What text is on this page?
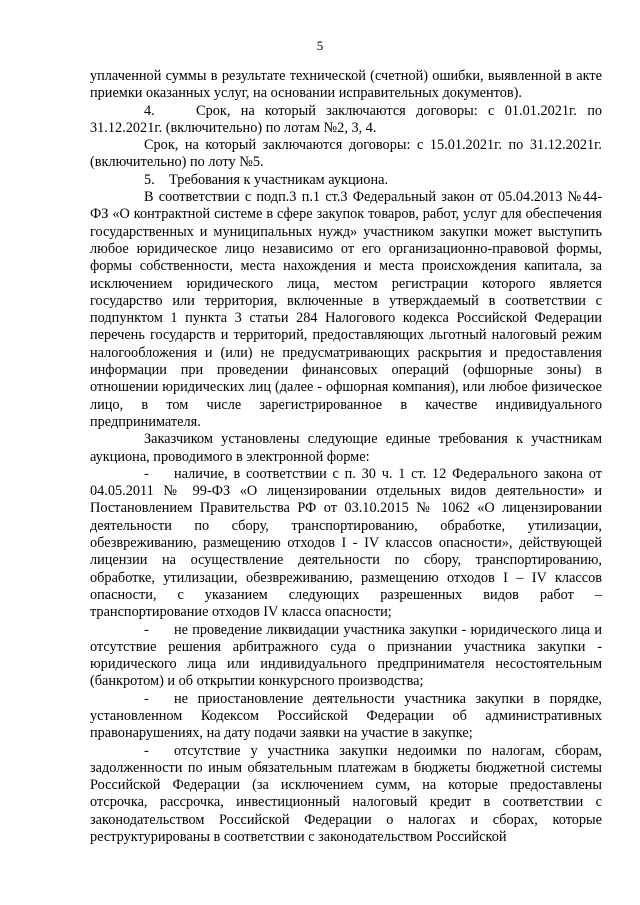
5

уплаченной суммы в результате технической (счетной) ошибки, выявленной в акте приемки оказанных услуг, на основании исправительных документов).

4.    Срок, на который заключаются договоры: с 01.01.2021г. по 31.12.2021г. (включительно) по лотам №2, 3, 4.

Срок, на который заключаются договоры: с 15.01.2021г. по 31.12.2021г. (включительно) по лоту №5.

5.    Требования к участникам аукциона.

В соответствии с подп.3 п.1 ст.3 Федеральный закон от 05.04.2013 №44-ФЗ «О контрактной системе в сфере закупок товаров, работ, услуг для обеспечения государственных и муниципальных нужд» участником закупки может выступить любое юридическое лицо независимо от его организационно-правовой формы, формы собственности, места нахождения и места происхождения капитала, за исключением юридического лица, местом регистрации которого является государство или территория, включенные в утверждаемый в соответствии с подпунктом 1 пункта 3 статьи 284 Налогового кодекса Российской Федерации перечень государств и территорий, предоставляющих льготный налоговый режим налогообложения и (или) не предусматривающих раскрытия и предоставления информации при проведении финансовых операций (офшорные зоны) в отношении юридических лиц (далее - офшорная компания), или любое физическое лицо, в том числе зарегистрированное в качестве индивидуального предпринимателя.

Заказчиком установлены следующие единые требования к участникам аукциона, проводимого в электронной форме:

- наличие, в соответствии с п. 30 ч. 1 ст. 12 Федерального закона от 04.05.2011 № 99-ФЗ «О лицензировании отдельных видов деятельности» и Постановлением Правительства РФ от 03.10.2015 № 1062 «О лицензировании деятельности по сбору, транспортированию, обработке, утилизации, обезвреживанию, размещению отходов I - IV классов опасности», действующей лицензии на осуществление деятельности по сбору, транспортированию, обработке, утилизации, обезвреживанию, размещению отходов I – IV классов опасности, с указанием следующих разрешенных видов работ – транспортирование отходов IV класса опасности;

- не проведение ликвидации участника закупки - юридического лица и отсутствие решения арбитражного суда о признании участника закупки - юридического лица или индивидуального предпринимателя несостоятельным (банкротом) и об открытии конкурсного производства;

- не приостановление деятельности участника закупки в порядке, установленном Кодексом Российской Федерации об административных правонарушениях, на дату подачи заявки на участие в закупке;

- отсутствие у участника закупки недоимки по налогам, сборам, задолженности по иным обязательным платежам в бюджеты бюджетной системы Российской Федерации (за исключением сумм, на которые предоставлены отсрочка, рассрочка, инвестиционный налоговый кредит в соответствии с законодательством Российской Федерации о налогах и сборах, которые реструктурированы в соответствии с законодательством Российской
